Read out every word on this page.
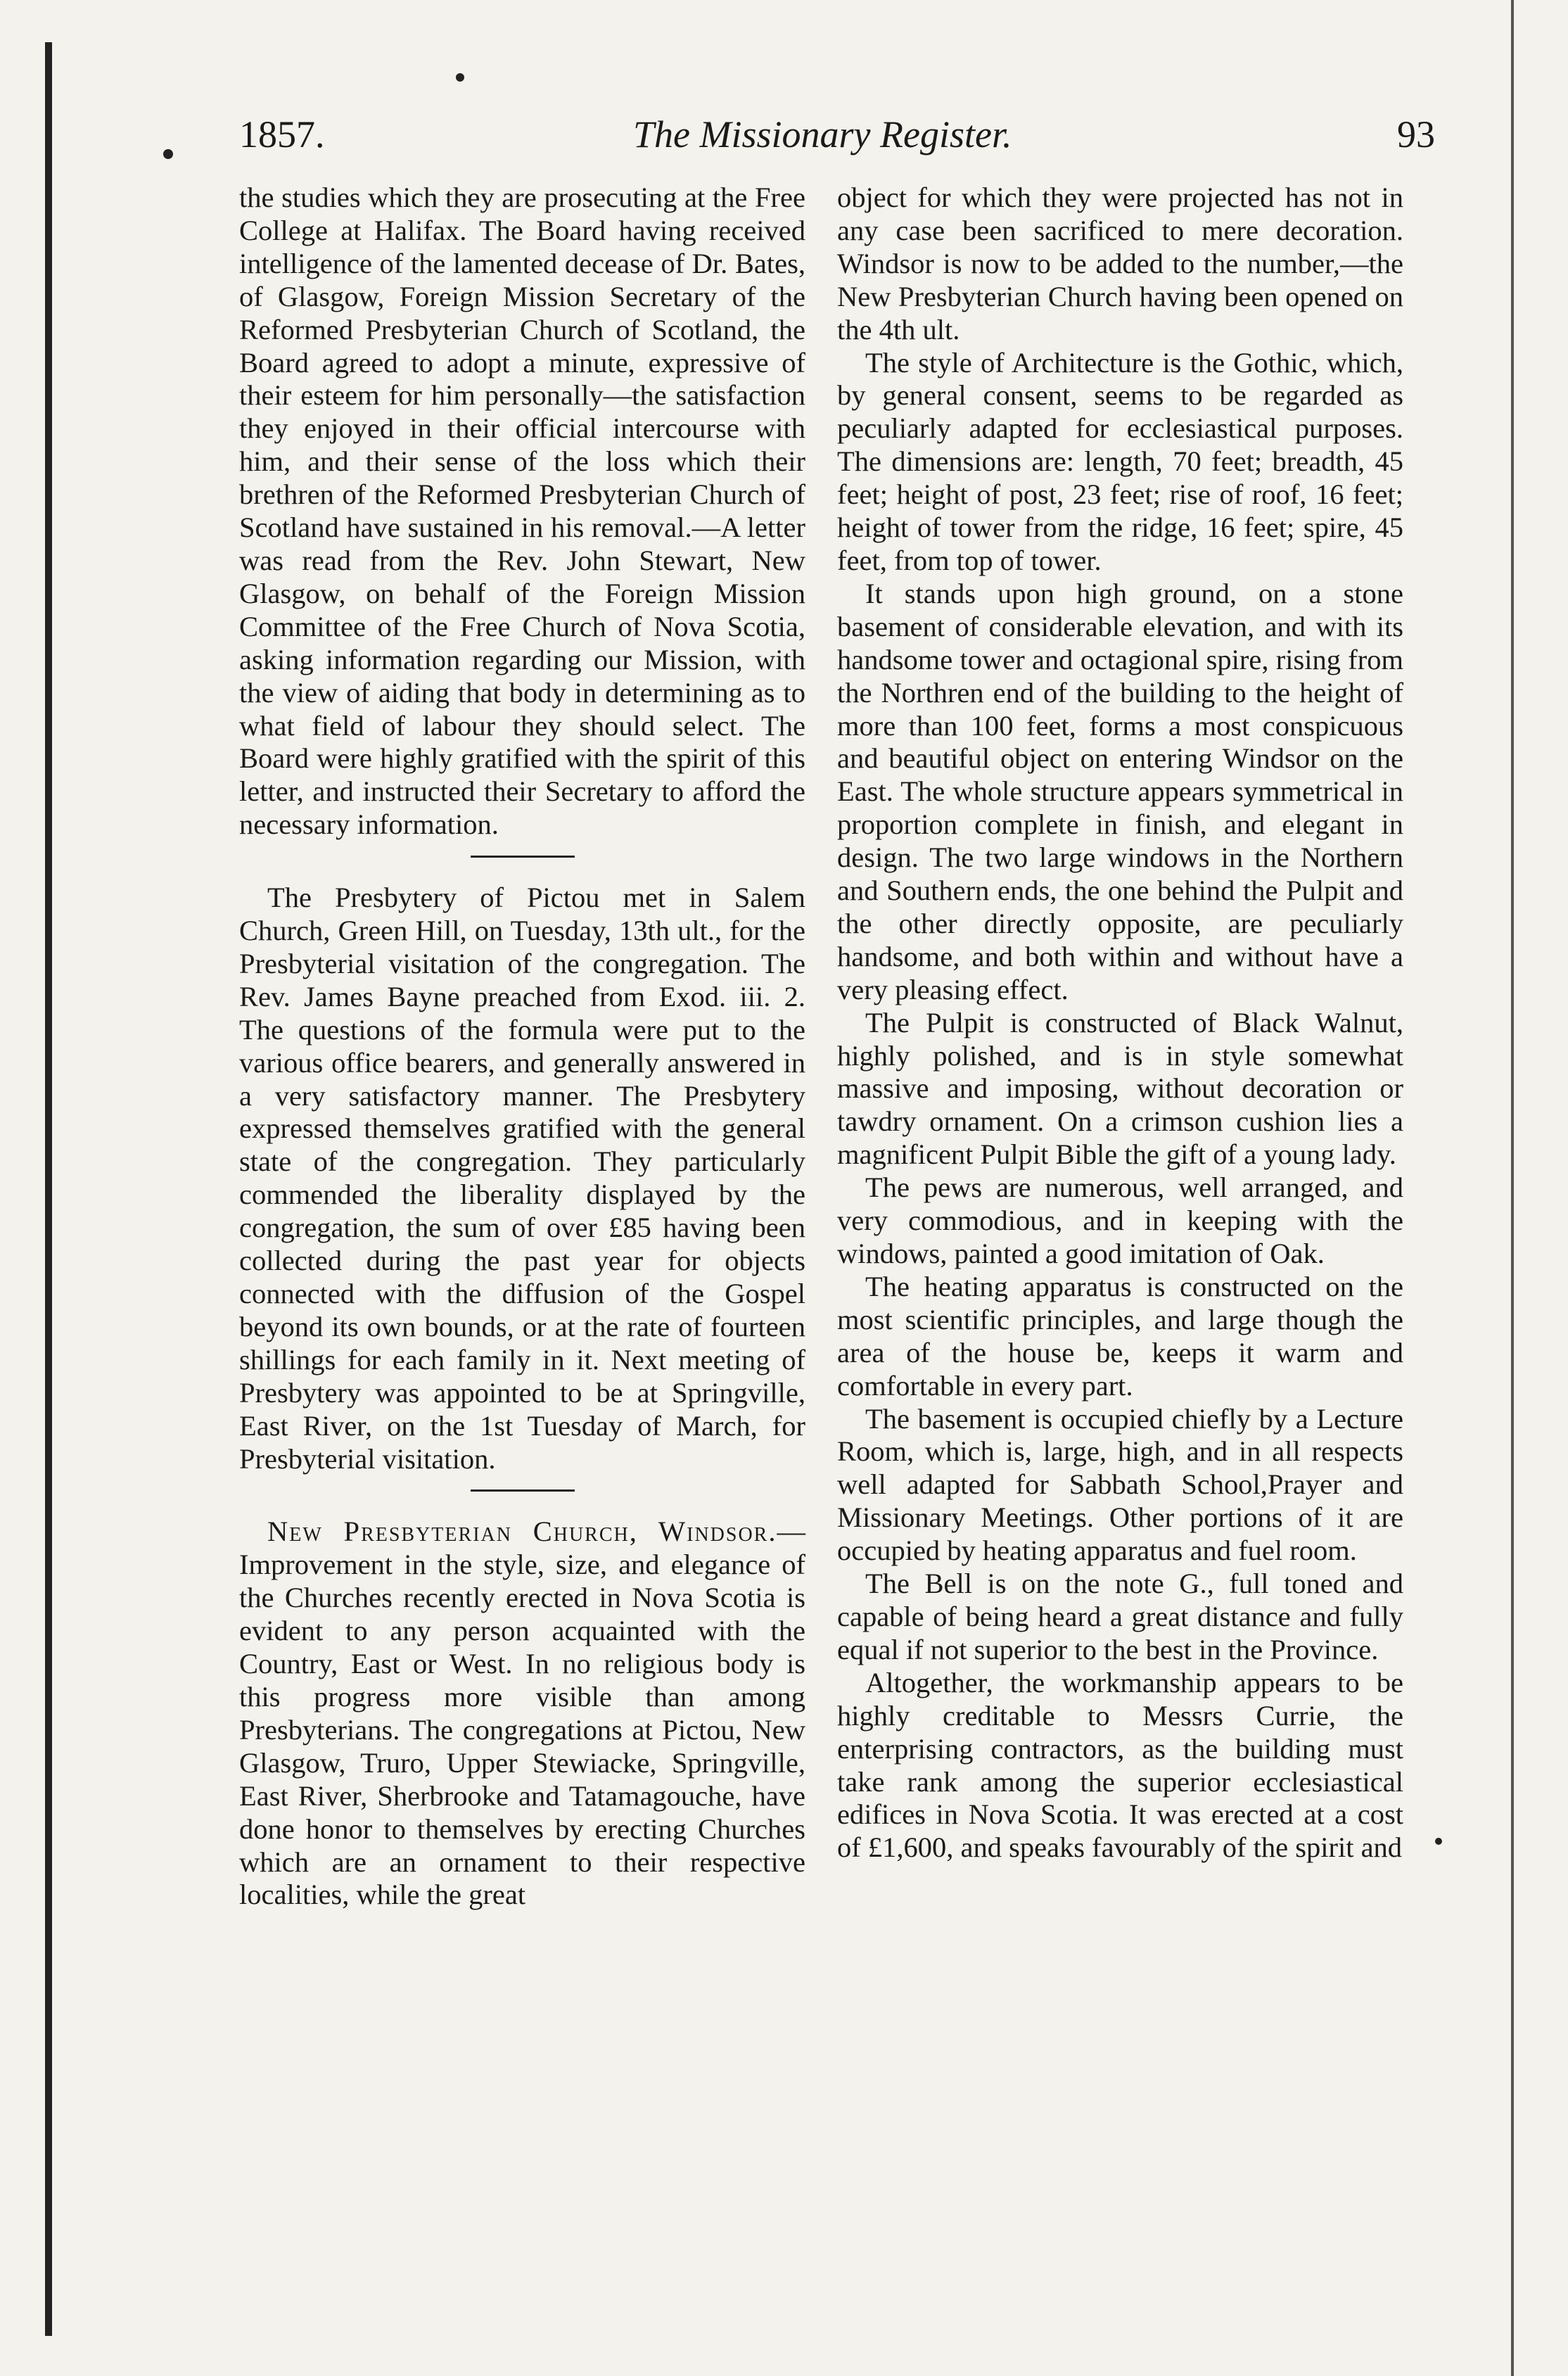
1857.	The Missionary Register.	93

the studies which they are prosecuting at the Free College at Halifax. The Board having received intelligence of the lamented decease of Dr. Bates, of Glasgow, Foreign Mission Secretary of the Reformed Presbyterian Church of Scotland, the Board agreed to adopt a minute, expressive of their esteem for him personally—the satisfaction they enjoyed in their official intercourse with him, and their sense of the loss which their brethren of the Reformed Presbyterian Church of Scotland have sustained in his removal.—A letter was read from the Rev. John Stewart, New Glasgow, on behalf of the Foreign Mission Committee of the Free Church of Nova Scotia, asking information regarding our Mission, with the view of aiding that body in determining as to what field of labour they should select. The Board were highly gratified with the spirit of this letter, and instructed their Secretary to afford the necessary information.

The Presbytery of Pictou met in Salem Church, Green Hill, on Tuesday, 13th ult., for the Presbyterial visitation of the congregation. The Rev. James Bayne preached from Exod. iii. 2. The questions of the formula were put to the various office bearers, and generally answered in a very satisfactory manner. The Presbytery expressed themselves gratified with the general state of the congregation. They particularly commended the liberality displayed by the congregation, the sum of over £85 having been collected during the past year for objects connected with the diffusion of the Gospel beyond its own bounds, or at the rate of fourteen shillings for each family in it. Next meeting of Presbytery was appointed to be at Springville, East River, on the 1st Tuesday of March, for Presbyterial visitation.

New Presbyterian Church, Windsor.—Improvement in the style, size, and elegance of the Churches recently erected in Nova Scotia is evident to any person acquainted with the Country, East or West. In no religious body is this progress more visible than among Presbyterians. The congregations at Pictou, New Glasgow, Truro, Upper Stewiacke, Springville, East River, Sherbrooke and Tatamagouche, have done honor to themselves by erecting Churches which are an ornament to their respective localities, while the great

object for which they were projected has not in any case been sacrificed to mere decoration. Windsor is now to be added to the number,—the New Presbyterian Church having been opened on the 4th ult.

The style of Architecture is the Gothic, which, by general consent, seems to be regarded as peculiarly adapted for ecclesiastical purposes. The dimensions are: length, 70 feet; breadth, 45 feet; height of post, 23 feet; rise of roof, 16 feet; height of tower from the ridge, 16 feet; spire, 45 feet, from top of tower.

It stands upon high ground, on a stone basement of considerable elevation, and with its handsome tower and octagional spire, rising from the Northren end of the building to the height of more than 100 feet, forms a most conspicuous and beautiful object on entering Windsor on the East. The whole structure appears symmetrical in proportion complete in finish, and elegant in design. The two large windows in the Northern and Southern ends, the one behind the Pulpit and the other directly opposite, are peculiarly handsome, and both within and without have a very pleasing effect.

The Pulpit is constructed of Black Walnut, highly polished, and is in style somewhat massive and imposing, without decoration or tawdry ornament. On a crimson cushion lies a magnificent Pulpit Bible the gift of a young lady.

The pews are numerous, well arranged, and very commodious, and in keeping with the windows, painted a good imitation of Oak.

The heating apparatus is constructed on the most scientific principles, and large though the area of the house be, keeps it warm and comfortable in every part.

The basement is occupied chiefly by a Lecture Room, which is, large, high, and in all respects well adapted for Sabbath School,Prayer and Missionary Meetings. Other portions of it are occupied by heating apparatus and fuel room.

The Bell is on the note G., full toned and capable of being heard a great distance and fully equal if not superior to the best in the Province.

Altogether, the workmanship appears to be highly creditable to Messrs Currie, the enterprising contractors, as the building must take rank among the superior ecclesiastical edifices in Nova Scotia. It was erected at a cost of £1,600, and speaks favourably of the spirit and
